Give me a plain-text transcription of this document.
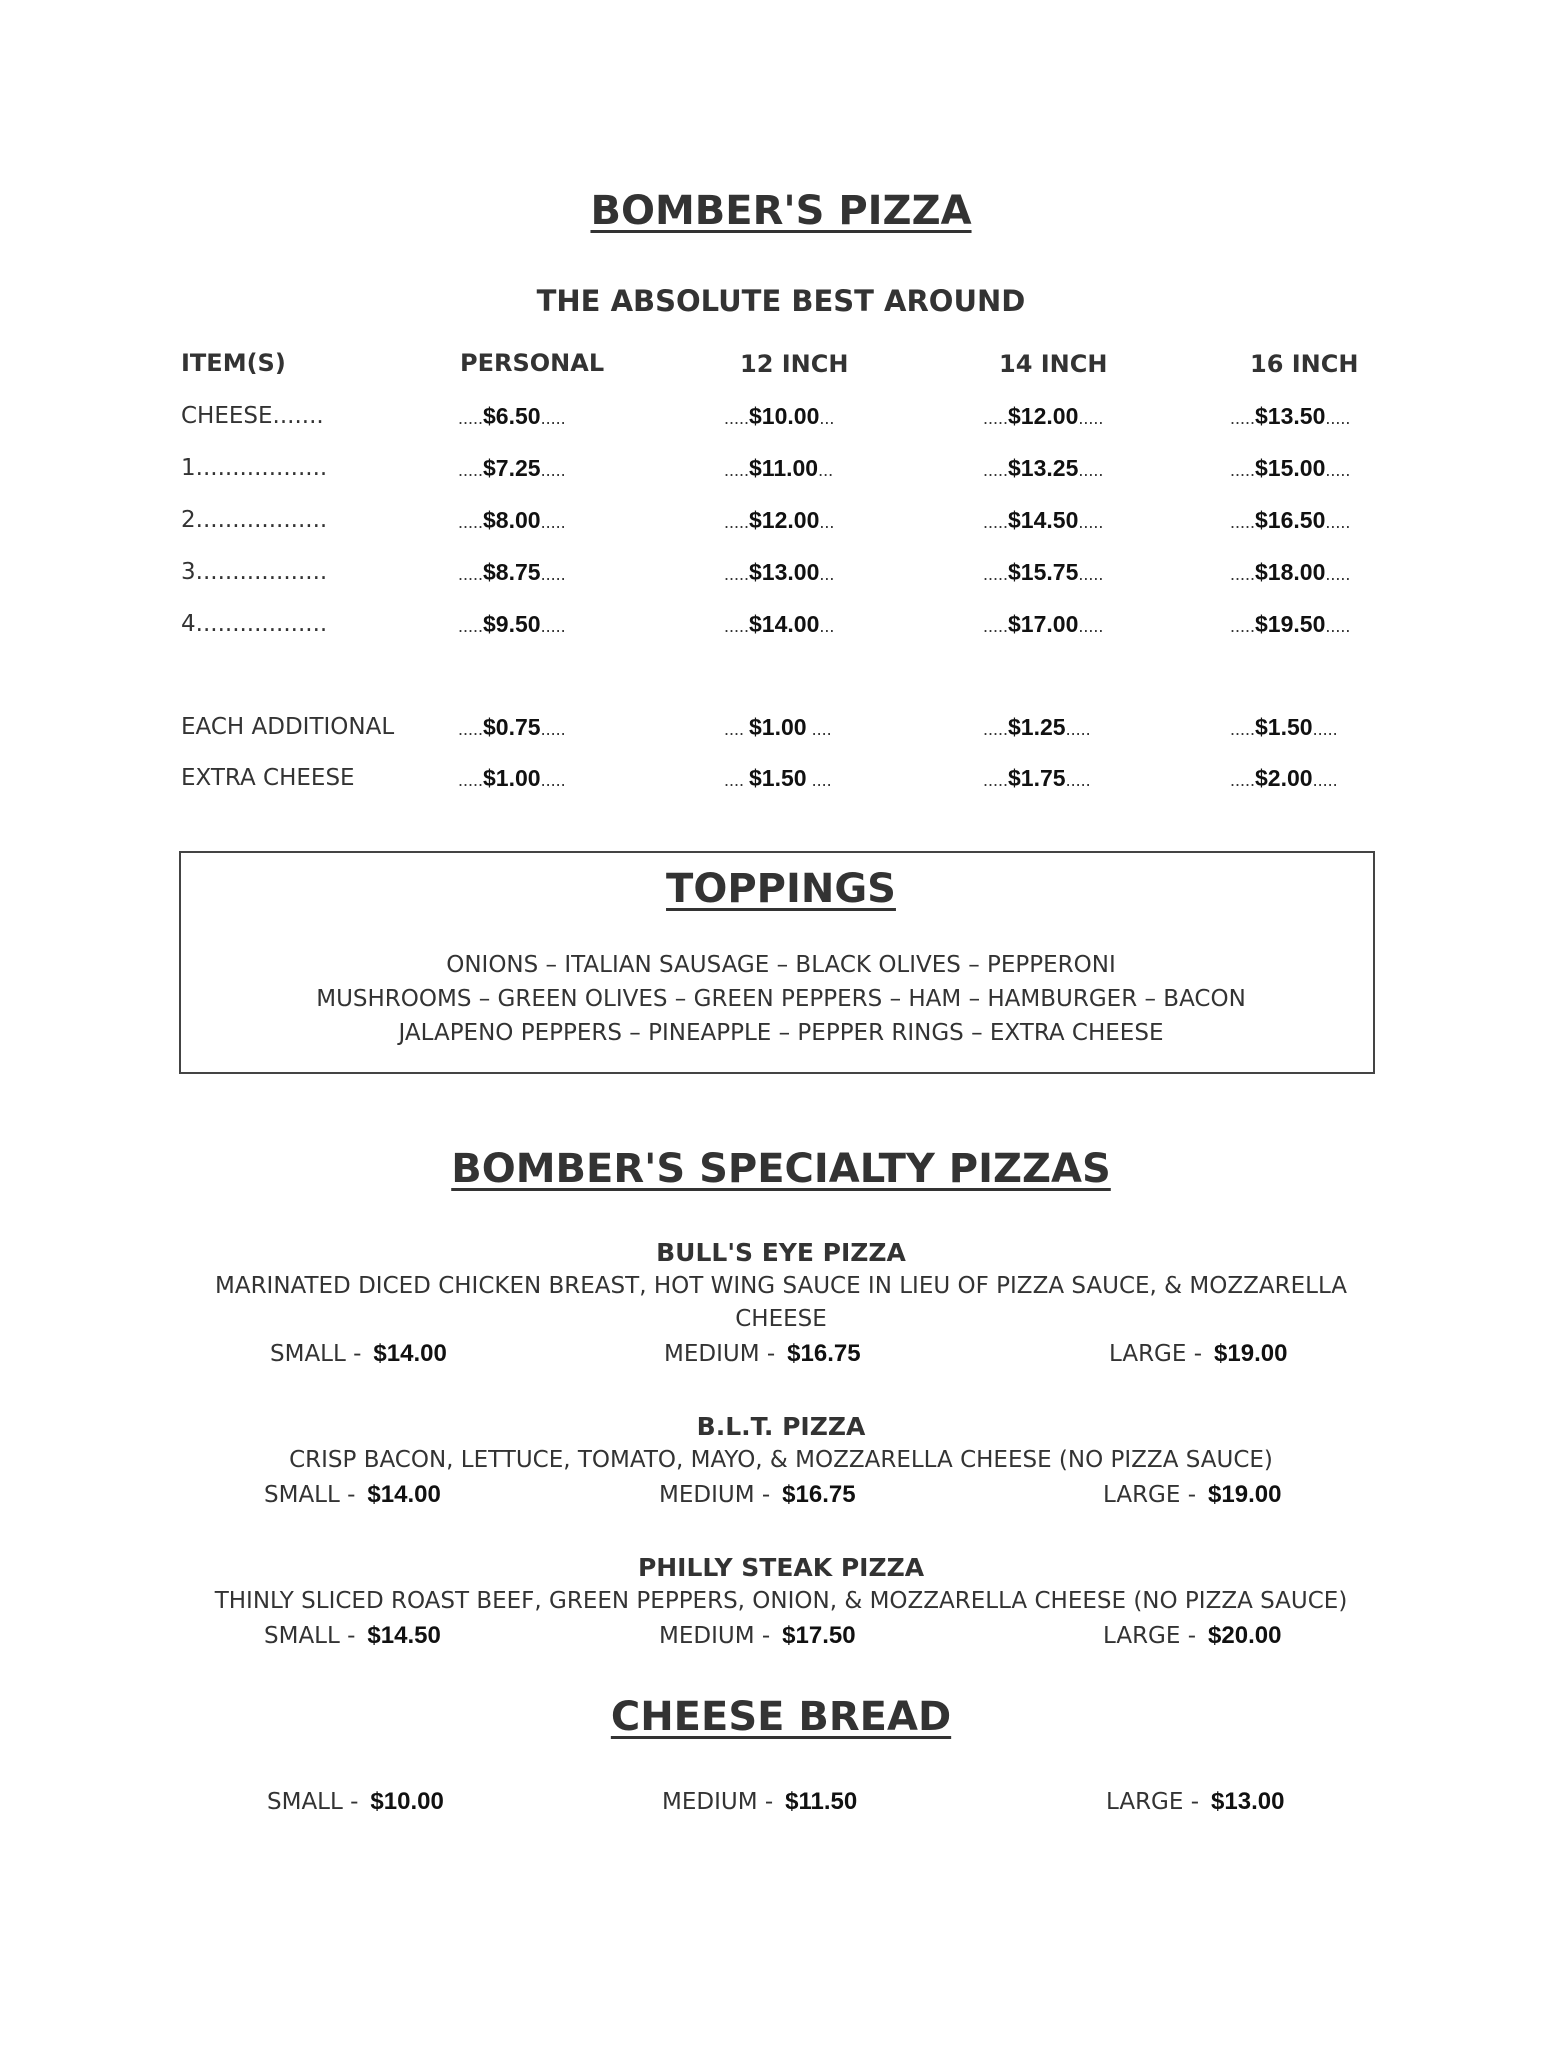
BOMBER'S PIZZA
THE ABSOLUTE BEST AROUND
ITEM(S)	PERSONAL	12 INCH	14 INCH	16 INCH
CHEESE.......	.....$6.50.....	.....$10.00...	.....$12.00.....	.....$13.50.....
1..................	.....$7.25.....	.....$11.00...	.....$13.25.....	.....$15.00.....
2..................	.....$8.00.....	.....$12.00...	.....$14.50.....	.....$16.50.....
3..................	.....$8.75.....	.....$13.00...	.....$15.75.....	.....$18.00.....
4..................	.....$9.50.....	.....$14.00...	.....$17.00.....	.....$19.50.....
EACH ADDITIONAL	.....$0.75.....	.... $1.00 ....	.....$1.25.....	.....$1.50.....
EXTRA CHEESE	.....$1.00.....	.... $1.50 ....	.....$1.75.....	.....$2.00.....
TOPPINGS
ONIONS – ITALIAN SAUSAGE – BLACK OLIVES – PEPPERONI
MUSHROOMS – GREEN OLIVES – GREEN PEPPERS – HAM – HAMBURGER – BACON
JALAPENO PEPPERS – PINEAPPLE – PEPPER RINGS – EXTRA CHEESE
BOMBER'S SPECIALTY PIZZAS
BULL'S EYE PIZZA
MARINATED DICED CHICKEN BREAST, HOT WING SAUCE IN LIEU OF PIZZA SAUCE, & MOZZARELLA
CHEESE
SMALL - $14.00	MEDIUM - $16.75	LARGE - $19.00
B.L.T. PIZZA
CRISP BACON, LETTUCE, TOMATO, MAYO, & MOZZARELLA CHEESE (NO PIZZA SAUCE)
SMALL - $14.00	MEDIUM - $16.75	LARGE - $19.00
PHILLY STEAK PIZZA
THINLY SLICED ROAST BEEF, GREEN PEPPERS, ONION, & MOZZARELLA CHEESE (NO PIZZA SAUCE)
SMALL - $14.50	MEDIUM - $17.50	LARGE - $20.00
CHEESE BREAD
SMALL - $10.00	MEDIUM - $11.50	LARGE - $13.00
